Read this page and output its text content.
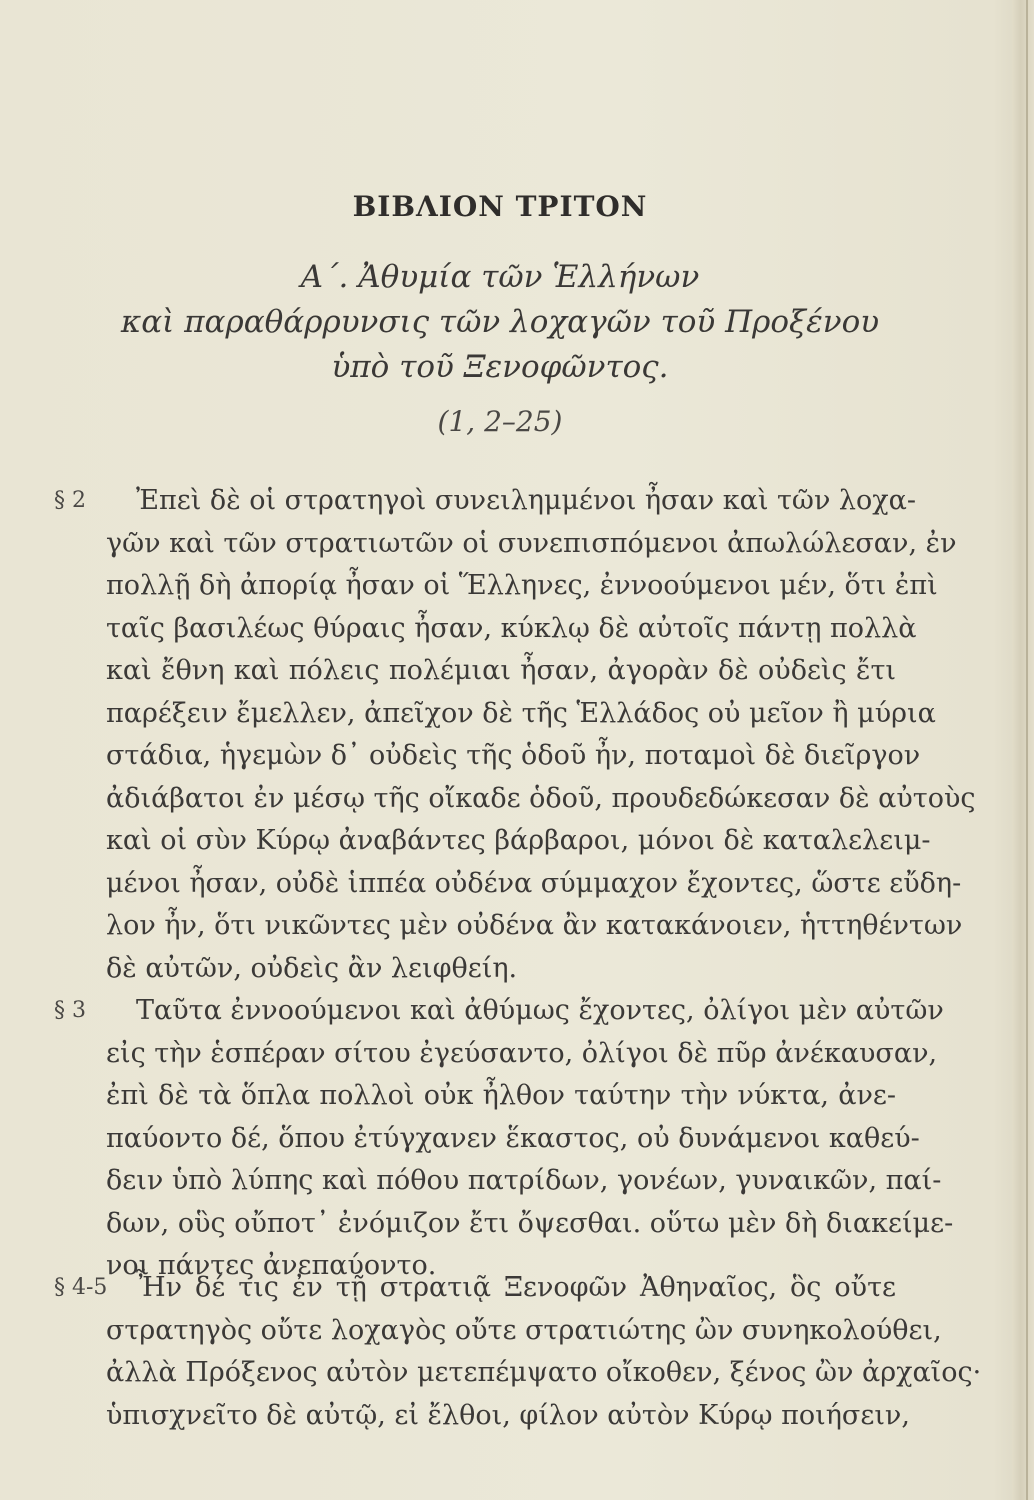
ΒΙΒΛΙΟΝ ΤΡΙΤΟΝ
Α΄. Ἀθυμία τῶν Ἑλλήνων
καὶ παραθάρρυνσις τῶν λοχαγῶν τοῦ Προξένου
ὑπὸ τοῦ Ξενοφῶντος.
(1, 2–25)
§ 2 Ἐπεὶ δὲ οἱ στρατηγοὶ συνειλημμένοι ἦσαν καὶ τῶν λοχα-
γῶν καὶ τῶν στρατιωτῶν οἱ συνεπισπόμενοι ἀπωλώλεσαν, ἐν
πολλῇ δὴ ἀπορίᾳ ἦσαν οἱ Ἕλληνες, ἐννοούμενοι μέν, ὅτι ἐπὶ
ταῖς βασιλέως θύραις ἦσαν, κύκλῳ δὲ αὐτοῖς πάντῃ πολλὰ
καὶ ἔθνη καὶ πόλεις πολέμιαι ἦσαν, ἀγορὰν δὲ οὐδεὶς ἔτι
παρέξειν ἔμελλεν, ἀπεῖχον δὲ τῆς Ἑλλάδος οὐ μεῖον ἢ μύρια
στάδια, ἡγεμὼν δ᾽ οὐδεὶς τῆς ὁδοῦ ἦν, ποταμοὶ δὲ διεῖργον
ἀδιάβατοι ἐν μέσῳ τῆς οἴκαδε ὁδοῦ, προυδεδώκεσαν δὲ αὐτοὺς
καὶ οἱ σὺν Κύρῳ ἀναβάντες βάρβαροι, μόνοι δὲ καταλελειμ-
μένοι ἦσαν, οὐδὲ ἱππέα οὐδένα σύμμαχον ἔχοντες, ὥστε εὔδη-
λον ἦν, ὅτι νικῶντες μὲν οὐδένα ἂν κατακάνοιεν, ἡττηθέντων
δὲ αὐτῶν, οὐδεὶς ἂν λειφθείη.
§ 3 Ταῦτα ἐννοούμενοι καὶ ἀθύμως ἔχοντες, ὀλίγοι μὲν αὐτῶν
εἰς τὴν ἑσπέραν σίτου ἐγεύσαντο, ὀλίγοι δὲ πῦρ ἀνέκαυσαν,
ἐπὶ δὲ τὰ ὅπλα πολλοὶ οὐκ ἦλθον ταύτην τὴν νύκτα, ἀνε-
παύοντο δέ, ὅπου ἐτύγχανεν ἕκαστος, οὐ δυνάμενοι καθεύ-
δειν ὑπὸ λύπης καὶ πόθου πατρίδων, γονέων, γυναικῶν, παί-
δων, οὓς οὔποτ᾽ ἐνόμιζον ἔτι ὄψεσθαι. οὕτω μὲν δὴ διακείμε-
νοι πάντες ἀνεπαύοντο.
§ 4-5 Ἦν δέ τις ἐν τῇ στρατιᾷ Ξενοφῶν Ἀθηναῖος, ὃς οὔτε
στρατηγὸς οὔτε λοχαγὸς οὔτε στρατιώτης ὢν συνηκολούθει,
ἀλλὰ Πρόξενος αὐτὸν μετεπέμψατο οἴκοθεν, ξένος ὢν ἀρχαῖος·
ὑπισχνεῖτο δὲ αὐτῷ, εἰ ἔλθοι, φίλον αὐτὸν Κύρῳ ποιήσειν,
